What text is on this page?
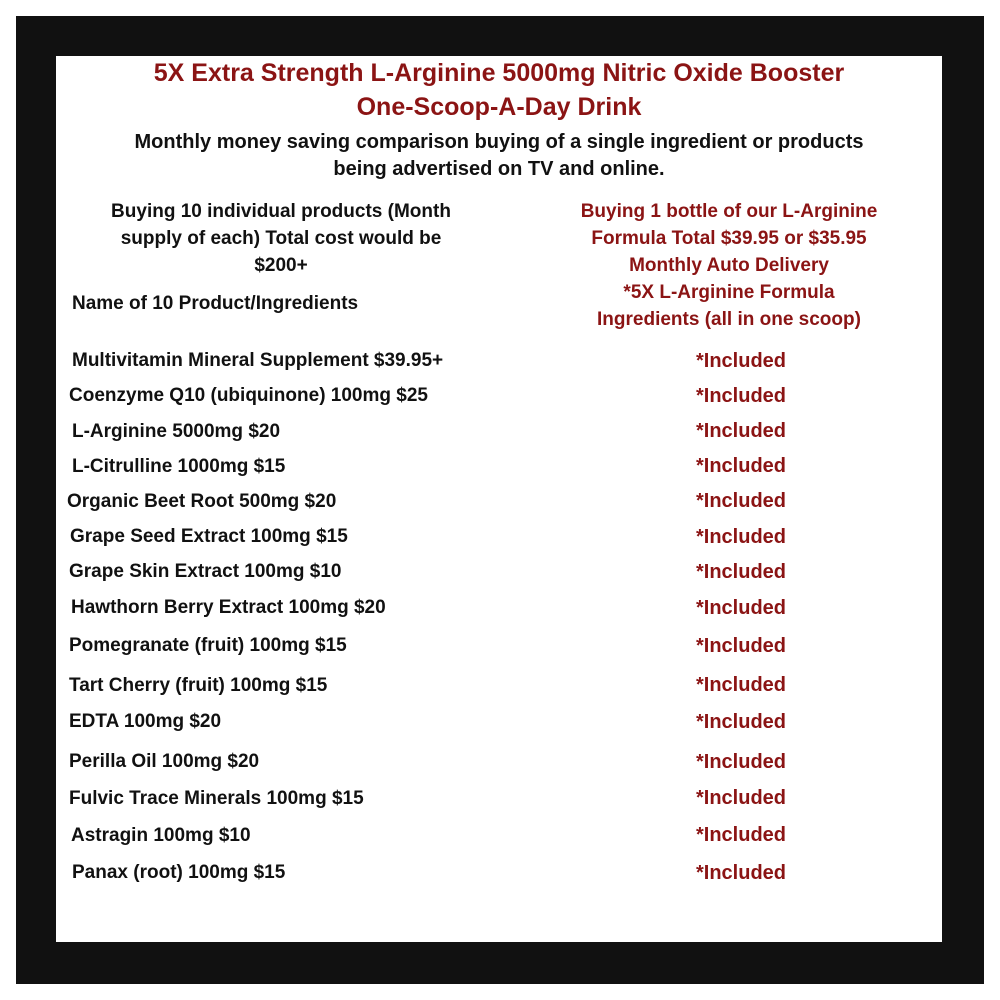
5X Extra Strength L-Arginine 5000mg Nitric Oxide Booster
One-Scoop-A-Day Drink
Monthly money saving comparison buying of a single ingredient or products
being advertised on TV and online.
Buying 10 individual products (Month
supply of each) Total cost would be
$200+
Name of 10 Product/Ingredients
Buying 1 bottle of our L-Arginine
Formula Total $39.95 or $35.95
Monthly Auto Delivery
*5X L-Arginine Formula
Ingredients (all in one scoop)
Multivitamin Mineral Supplement $39.95+	*Included
Coenzyme Q10 (ubiquinone) 100mg $25	*Included
L-Arginine 5000mg $20	*Included
L-Citrulline 1000mg $15	*Included
Organic Beet Root 500mg $20	*Included
Grape Seed Extract 100mg $15	*Included
Grape Skin Extract 100mg $10	*Included
Hawthorn Berry Extract 100mg $20	*Included
Pomegranate (fruit) 100mg $15	*Included
Tart Cherry (fruit) 100mg $15	*Included
EDTA 100mg $20	*Included
Perilla Oil 100mg $20	*Included
Fulvic Trace Minerals 100mg $15	*Included
Astragin 100mg $10	*Included
Panax (root) 100mg $15	*Included
